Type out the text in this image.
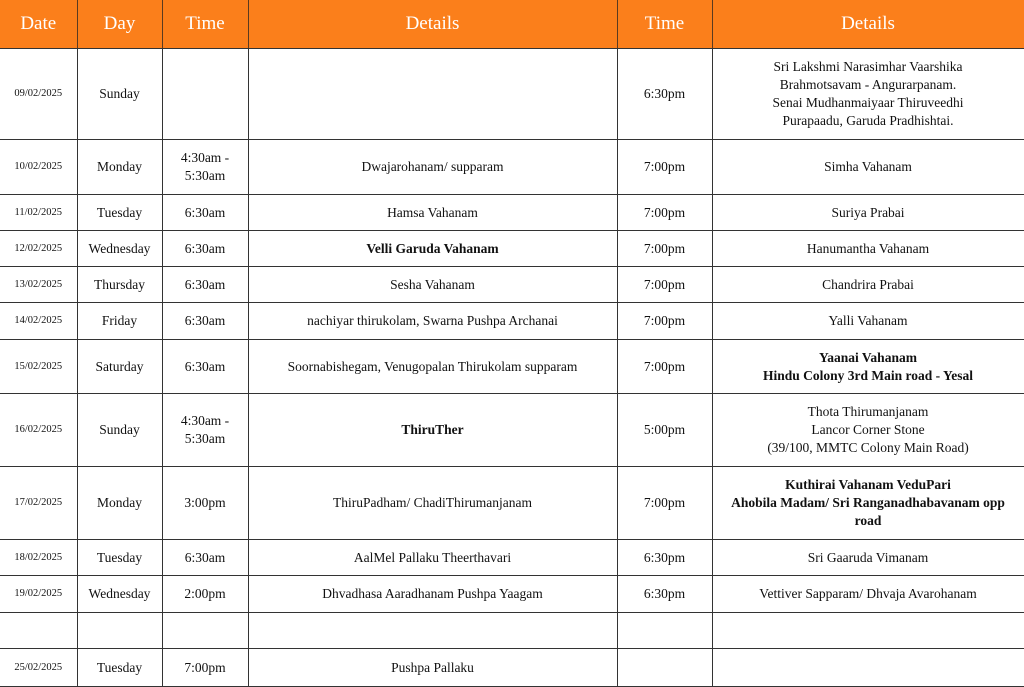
Date	Day	Time	Details	Time	Details
09/02/2025	Sunday			6:30pm	Sri Lakshmi Narasimhar Vaarshika
Brahmotsavam - Angurarpanam.
Senai Mudhanmaiyaar Thiruveedhi
Purapaadu, Garuda Pradhishtai.

10/02/2025	Monday	4:30am -
5:30am	Dwajarohanam/ supparam	7:00pm	Simha Vahanam

11/02/2025	Tuesday	6:30am	Hamsa Vahanam	7:00pm	Suriya Prabai

12/02/2025	Wednesday	6:30am	Velli Garuda Vahanam	7:00pm	Hanumantha Vahanam

13/02/2025	Thursday	6:30am	Sesha Vahanam	7:00pm	Chandrira Prabai

14/02/2025	Friday	6:30am	nachiyar thirukolam, Swarna Pushpa Archanai	7:00pm	Yalli Vahanam

15/02/2025	Saturday	6:30am	Soornabishegam, Venugopalan Thirukolam supparam	7:00pm	Yaanai Vahanam
Hindu Colony 3rd Main road - Yesal

16/02/2025	Sunday	4:30am -
5:30am	ThiruTher	5:00pm	Thota Thirumanjanam
Lancor Corner Stone
(39/100, MMTC Colony Main Road)

17/02/2025	Monday	3:00pm	ThiruPadham/ ChadiThirumanjanam	7:00pm	Kuthirai Vahanam VeduPari
Ahobila Madam/ Sri Ranganadhabavanam opp
road

18/02/2025	Tuesday	6:30am	AalMel Pallaku Theerthavari	6:30pm	Sri Gaaruda Vimanam

19/02/2025	Wednesday	2:00pm	Dhvadhasa Aaradhanam Pushpa Yaagam	6:30pm	Vettiver Sapparam/ Dhvaja Avarohanam

25/02/2025	Tuesday	7:00pm	Pushpa Pallaku		
